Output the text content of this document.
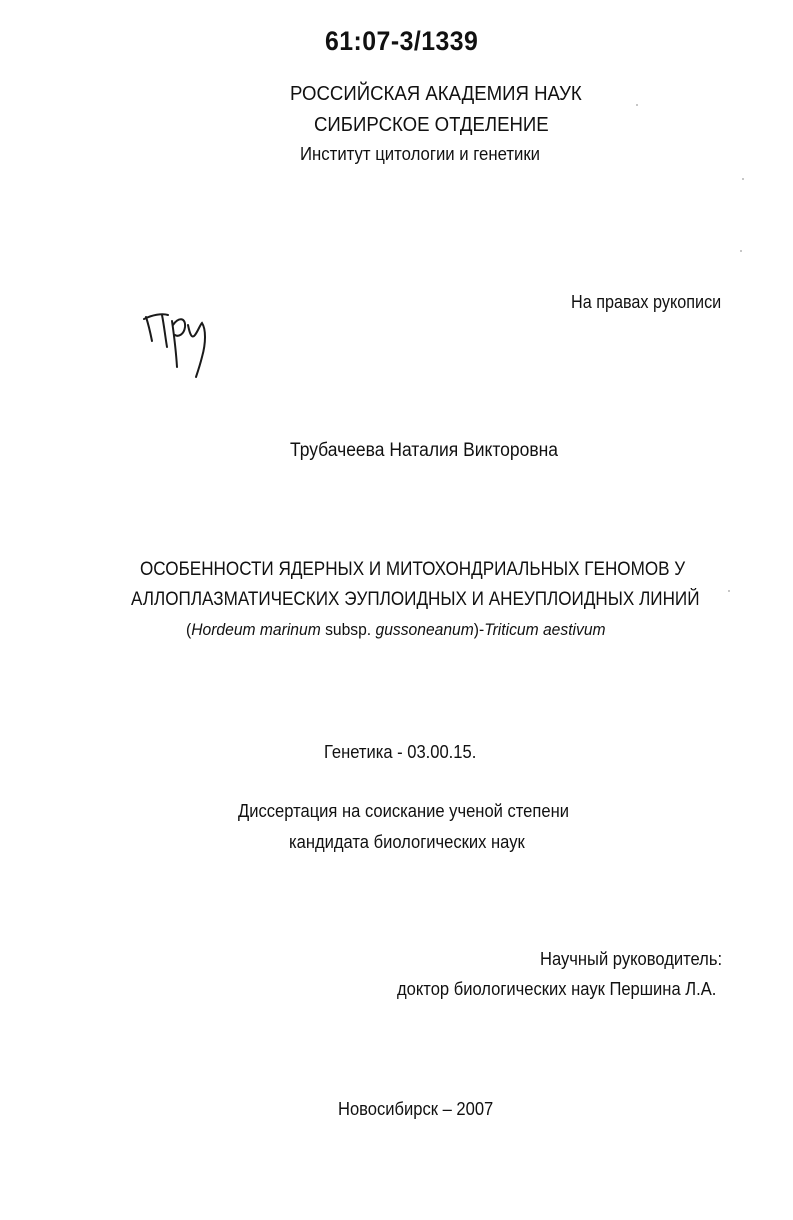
61:07-3/1339
РОССИЙСКАЯ АКАДЕМИЯ НАУК
СИБИРСКОЕ ОТДЕЛЕНИЕ
Институт цитологии и генетики
На правах рукописи
Трубачеева Наталия Викторовна
ОСОБЕННОСТИ ЯДЕРНЫХ И МИТОХОНДРИАЛЬНЫХ ГЕНОМОВ У
АЛЛОПЛАЗМАТИЧЕСКИХ ЭУПЛОИДНЫХ И АНЕУПЛОИДНЫХ ЛИНИЙ
(Hordeum marinum subsp. gussoneanum)-Triticum aestivum
Генетика - 03.00.15.
Диссертация на соискание ученой степени
кандидата биологических наук
Научный руководитель:
доктор биологических наук Першина Л.А.
Новосибирск – 2007
